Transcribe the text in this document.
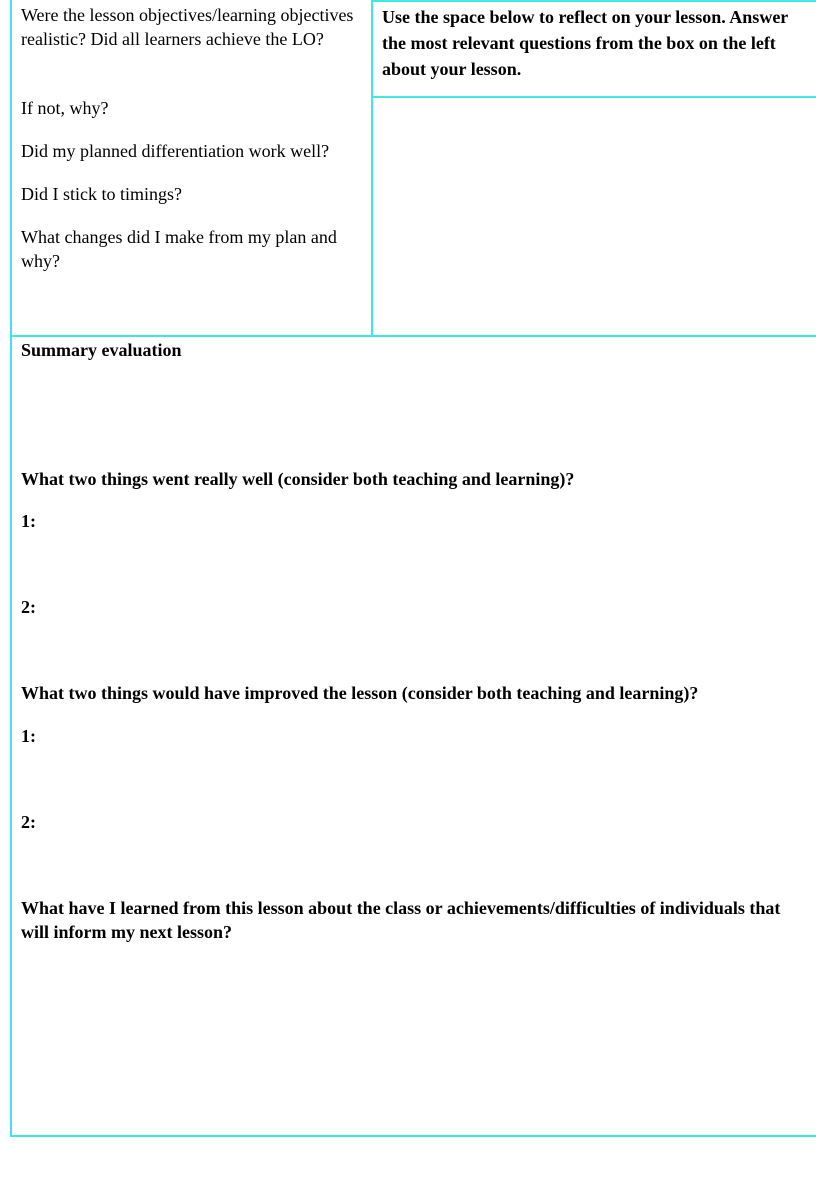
Were the lesson objectives/learning objectives realistic? Did all learners achieve the LO?

If not, why?

Did my planned differentiation work well?

Did I stick to timings?

What changes did I make from my plan and why?

Use the space below to reflect on your lesson. Answer the most relevant questions from the box on the left about your lesson.

Summary evaluation

What two things went really well (consider both teaching and learning)?

1:

2:

What two things would have improved the lesson (consider both teaching and learning)?

1:

2:

What have I learned from this lesson about the class or achievements/difficulties of individuals that will inform my next lesson?
